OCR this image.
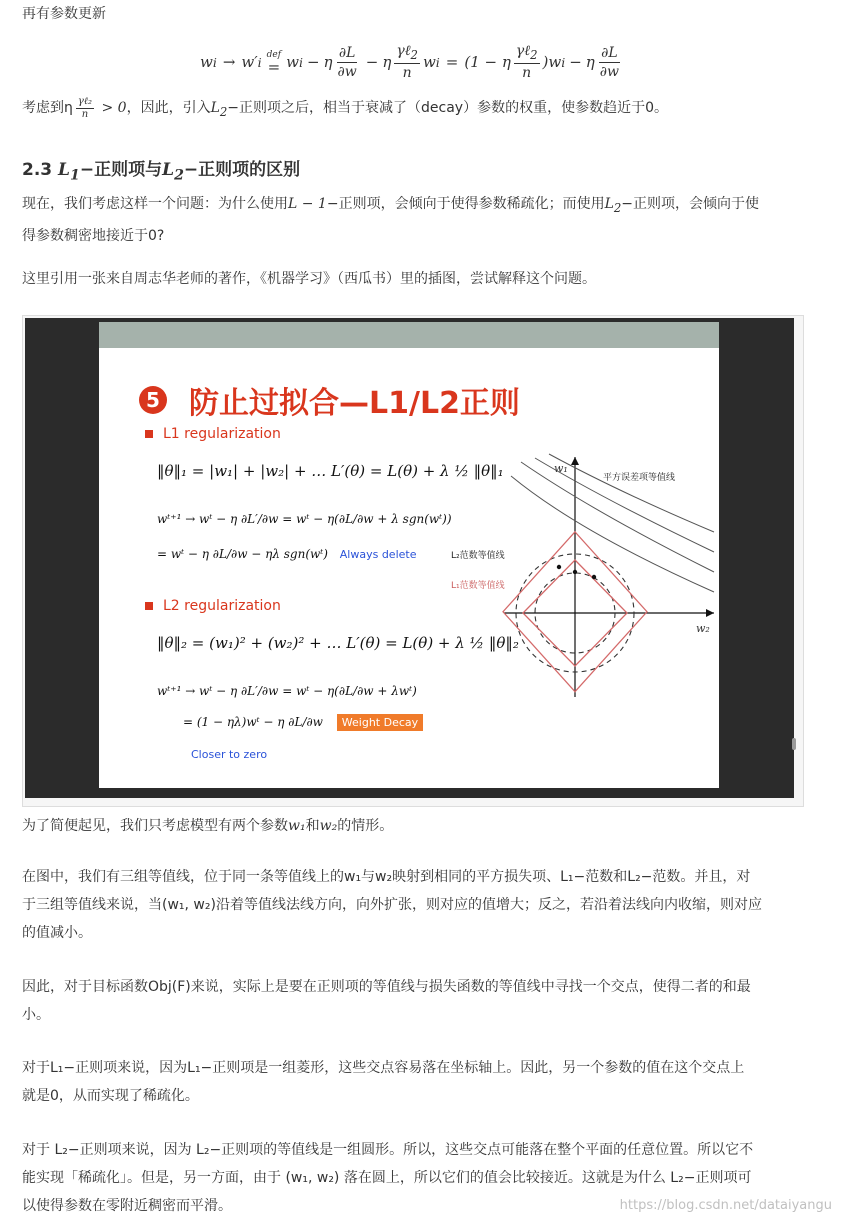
再有参数更新

w i → w′ i def
= w i − η $\frac{\partial L}{\partial w} - \eta \frac{\gamma\ell_2}{n}$ w i = (1 − η $\frac{\gamma\ell_2}{n}$ ) w i − η $\frac{\partial L}{\partial w}$

考虑到η $\frac{\text{γℓ₂}}{n} > 0$，因此，引入$L_2-$正则项之后，相当于衰减了（decay）参数的权重，使参数趋近于0。

2.3 $L_1-$正则项与$L_2-$正则项的区别

现在，我们考虑这样一个问题：为什么使用L − 1−正则项，会倾向于使得参数稀疏化；而使用$L_2-$正则项，会倾向于使
得参数稠密地接近于0?

这里引用一张来自周志华老师的著作，《机器学习》（西瓜书）里的插图，尝试解释这个问题。

5 防止过拟合—L1/L2正则
L1 regularization
‖θ‖₁ = |w₁| + |w₂| + … L′(θ) = L(θ) + λ ½ ‖θ‖₁
wᵗ⁺¹ → wᵗ − η ∂L′/∂w = wᵗ − η(∂L/∂w + λ sgn(wᵗ))
= wᵗ − η ∂L/∂w − ηλ sgn(wᵗ) Always delete
L2 regularization
‖θ‖₂ = (w₁)² + (w₂)² + … L′(θ) = L(θ) + λ ½ ‖θ‖₂
wᵗ⁺¹ → wᵗ − η ∂L′/∂w = wᵗ − η(∂L/∂w + λwᵗ)
= (1 − ηλ)wᵗ − η ∂L/∂w Weight Decay
Closer to zero
w₁
w₂
平方误差项等值线
L₂范数等值线
L₁范数等值线

为了简便起见，我们只考虑模型有两个参数w₁和w₂的情形。

在图中，我们有三组等值线，位于同一条等值线上的w₁与w₂映射到相同的平方损失项、L₁−范数和L₂−范数。并且，对
于三组等值线来说，当(w₁, w₂)沿着等值线法线方向，向外扩张，则对应的值增大；反之，若沿着法线向内收缩，则对应
的值减小。

因此，对于目标函数Obj(F)来说，实际上是要在正则项的等值线与损失函数的等值线中寻找一个交点，使得二者的和最
小。

对于L₁−正则项来说，因为L₁−正则项是一组菱形，这些交点容易落在坐标轴上。因此，另一个参数的值在这个交点上
就是0，从而实现了稀疏化。

对于 L₂−正则项来说，因为 L₂−正则项的等值线是一组圆形。所以，这些交点可能落在整个平面的任意位置。所以它不
能实现「稀疏化」。但是，另一方面，由于 (w₁, w₂) 落在圆上，所以它们的值会比较接近。这就是为什么 L₂−正则项可
以使得参数在零附近稠密而平滑。	https://blog.csdn.net/dataiyangu
